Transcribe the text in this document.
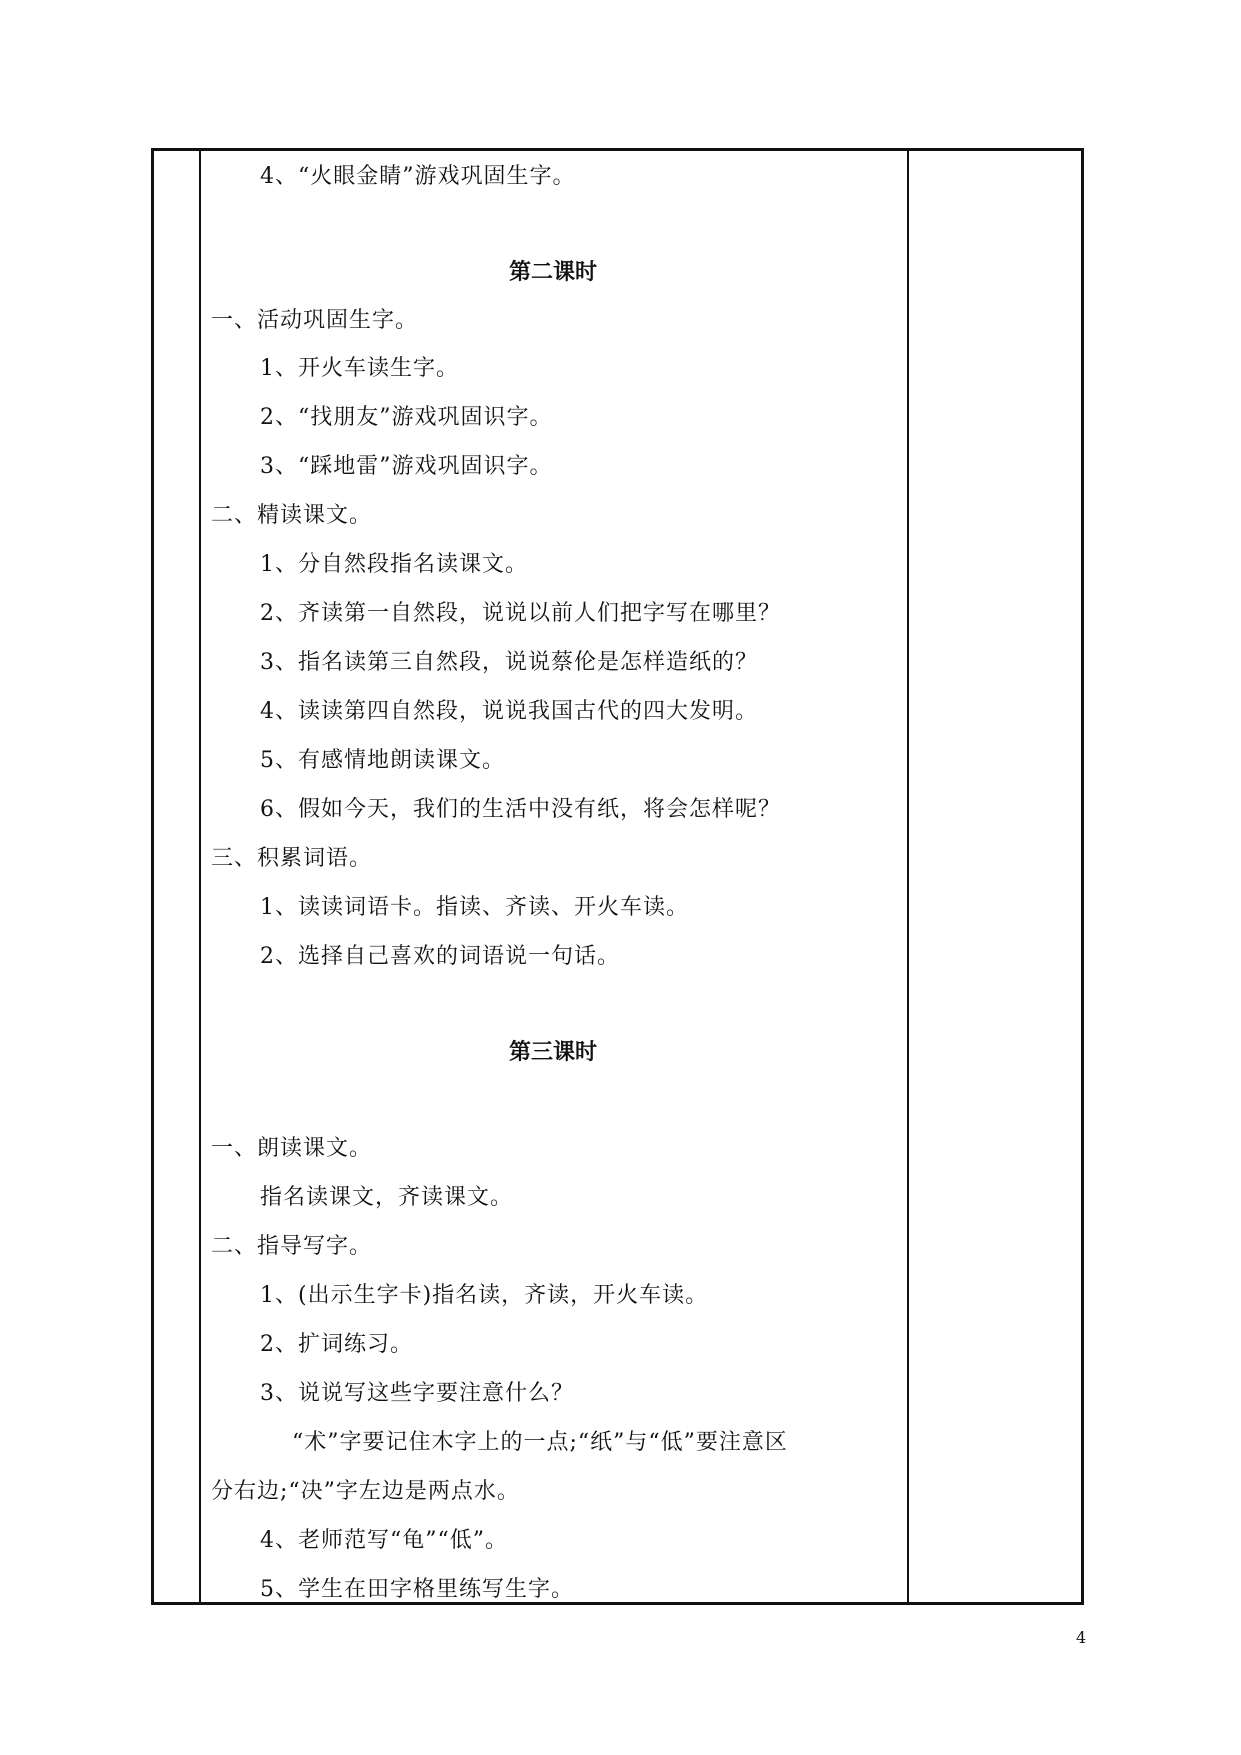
4、“火眼金睛”游戏巩固生字。
第二课时
一、活动巩固生字。
1、开火车读生字。
2、“找朋友”游戏巩固识字。
3、“踩地雷”游戏巩固识字。
二、精读课文。
1、分自然段指名读课文。
2、齐读第一自然段，说说以前人们把字写在哪里？
3、指名读第三自然段，说说蔡伦是怎样造纸的？
4、读读第四自然段，说说我国古代的四大发明。
5、有感情地朗读课文。
6、假如今天，我们的生活中没有纸，将会怎样呢？
三、积累词语。
1、读读词语卡。指读、齐读、开火车读。
2、选择自己喜欢的词语说一句话。
第三课时
一、朗读课文。
指名读课文，齐读课文。
二、指导写字。
1、(出示生字卡)指名读，齐读，开火车读。
2、扩词练习。
3、说说写这些字要注意什么？
“术”字要记住木字上的一点;“纸”与“低”要注意区
分右边;“决”字左边是两点水。
4、老师范写“龟”“低”。
5、学生在田字格里练写生字。
4
